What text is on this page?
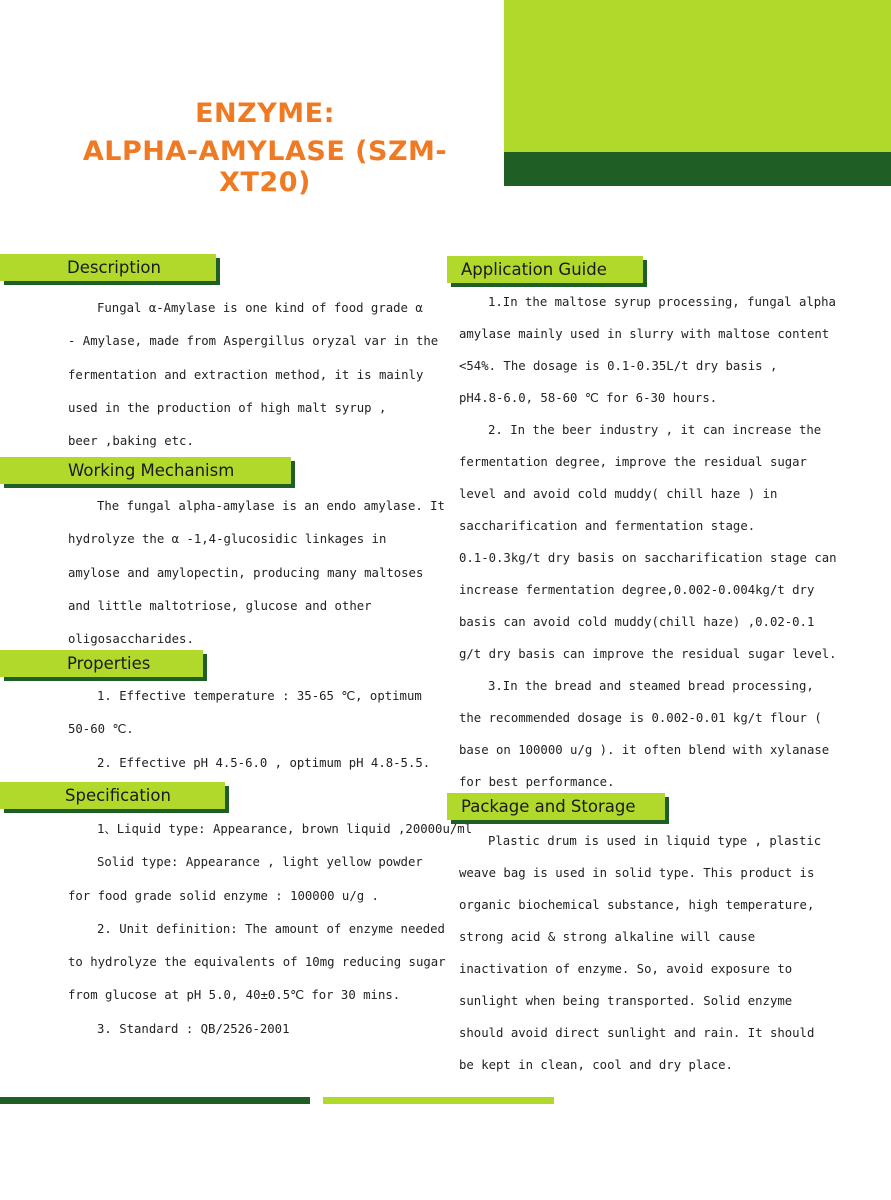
ENZYME:
ALPHA-AMYLASE (SZM-XT20)
Description

Fungal α-Amylase is one kind of food grade α

- Amylase, made from Aspergillus oryzal var in the

fermentation and extraction method, it is mainly

used in the production of high malt syrup ,

beer ,baking etc.

Working Mechanism

The fungal alpha-amylase is an endo amylase. It

hydrolyze the α -1,4-glucosidic linkages in

amylose and amylopectin, producing many maltoses

and little maltotriose, glucose and other

oligosaccharides.

Properties

1. Effective temperature : 35-65 ℃, optimum

50-60 ℃.

2. Effective pH 4.5-6.0 , optimum pH 4.8-5.5.

Specification

1、Liquid type: Appearance, brown liquid ,20000u/ml

Solid type: Appearance , light yellow powder

for food grade solid enzyme : 100000 u/g .

2. Unit definition: The amount of enzyme needed

to hydrolyze the equivalents of 10mg reducing sugar

from glucose at pH 5.0, 40±0.5℃ for 30 mins.

3. Standard : QB/2526-2001

Application Guide

1.In the maltose syrup processing, fungal alpha

amylase mainly used in slurry with maltose content

<54%. The dosage is 0.1-0.35L/t dry basis ,

pH4.8-6.0, 58-60 ℃ for 6-30 hours.

2. In the beer industry , it can increase the

fermentation degree, improve the residual sugar

level and avoid cold muddy( chill haze ) in

saccharification and fermentation stage.

0.1-0.3kg/t dry basis on saccharification stage can

increase fermentation degree,0.002-0.004kg/t dry

basis can avoid cold muddy(chill haze) ,0.02-0.1

g/t dry basis can improve the residual sugar level.

3.In the bread and steamed bread processing,

the recommended dosage is 0.002-0.01 kg/t flour (

base on 100000 u/g ). it often blend with xylanase

for best performance.

Package and Storage

Plastic drum is used in liquid type , plastic

weave bag is used in solid type. This product is

organic biochemical substance, high temperature,

strong acid & strong alkaline will cause

inactivation of enzyme. So, avoid exposure to

sunlight when being transported. Solid enzyme

should avoid direct sunlight and rain. It should

be kept in clean, cool and dry place.
